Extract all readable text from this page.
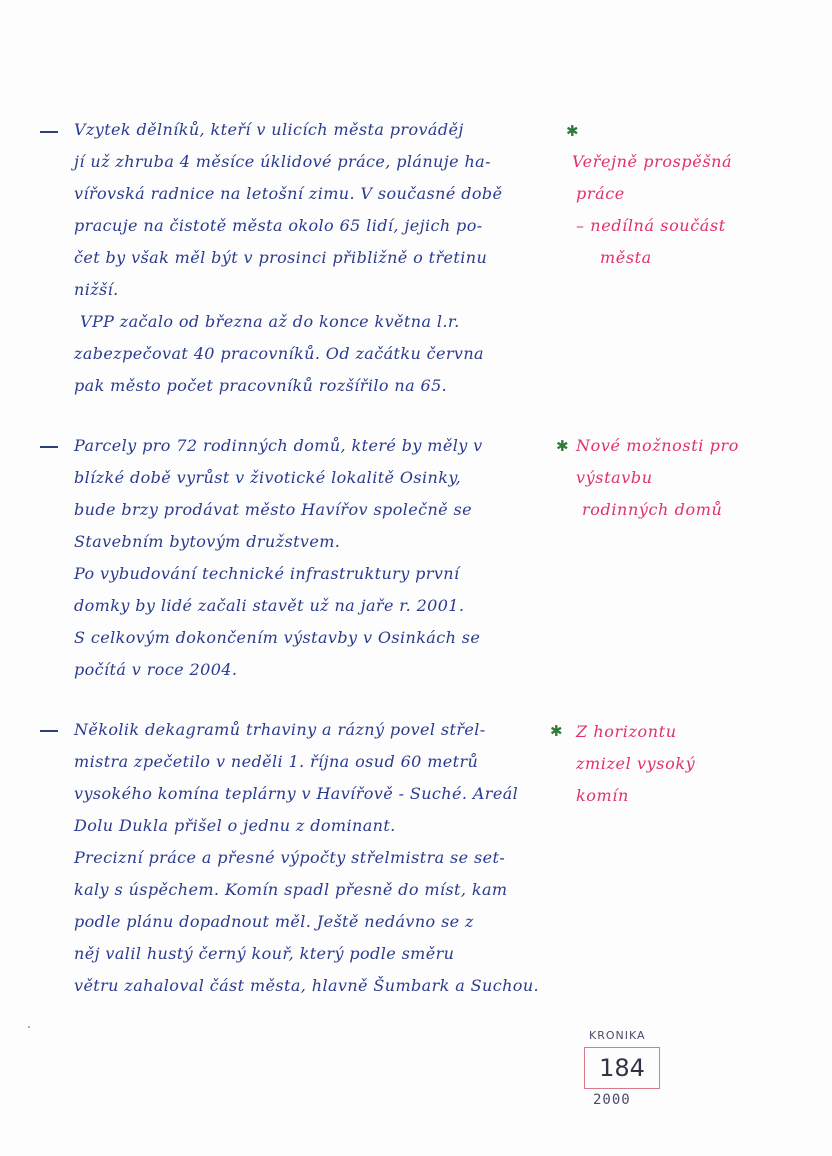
✱
Vzytek dělníků, kteří v ulicích města prováděj
jí už zhruba 4 měsíce úklidové práce, plánuje ha-
vířovská radnice na letošní zimu. V současné době
pracuje na čistotě města okolo 65 lidí, jejich po-
čet by však měl být v prosinci přibližně o třetinu
nižší.
VPP začalo od března až do konce května l.r.
zabezpečovat 40 pracovníků. Od začátku června
pak město počet pracovníků rozšířilo na 65.
Veřejně prospěšná
práce
– nedílná součást
města
✱
Parcely pro 72 rodinných domů, které by měly v
blízké době vyrůst v životické lokalitě Osinky,
bude brzy prodávat město Havířov společně se
Stavebním bytovým družstvem.
Po vybudování technické infrastruktury první
domky by lidé začali stavět už na jaře r. 2001.
S celkovým dokončením výstavby v Osinkách se
počítá v roce 2004.
Nové možnosti pro
výstavbu
rodinných domů
✱
Několik dekagramů trhaviny a rázný povel střel-
mistra zpečetilo v neděli 1. října osud 60 metrů
vysokého komína teplárny v Havířově - Suché. Areál
Dolu Dukla přišel o jednu z dominant.
Precizní práce a přesné výpočty střelmistra se set-
kaly s úspěchem. Komín spadl přesně do míst, kam
podle plánu dopadnout měl. Ještě nedávno se z
něj valil hustý černý kouř, který podle směru
větru zahaloval část města, hlavně Šumbark a Suchou.
Z horizontu
zmizel vysoký
komín
KRONIKA
184
2000
